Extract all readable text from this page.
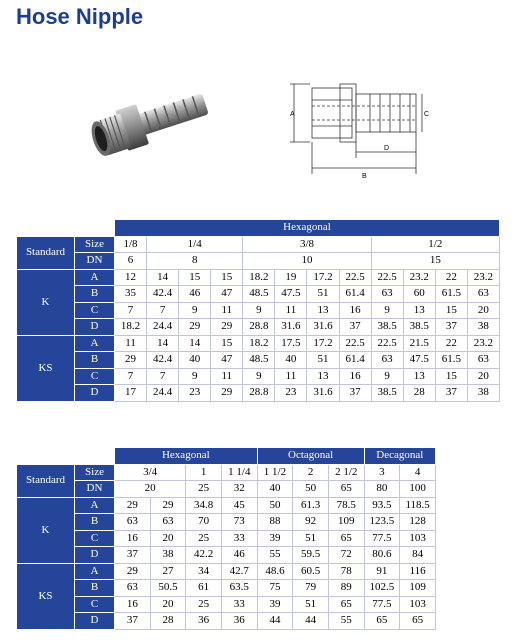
Hose Nipple
A
B
C
D
		Hexagonal											
Standard	Size	1/8	1/4			3/8				1/2			
	DN	6	8			10				15			
K	A	12	14	15	15	18.2	19	17.2	22.5	22.5	23.2	22	23.2
	B	35	42.4	46	47	48.5	47.5	51	61.4	63	60	61.5	63
	C	7	7	9	11	9	11	13	16	9	13	15	20
	D	18.2	24.4	29	29	28.8	31.6	31.6	37	38.5	38.5	37	38
KS	A	11	14	14	15	18.2	17.5	17.2	22.5	22.5	21.5	22	23.2
	B	29	42.4	40	47	48.5	40	51	61.4	63	47.5	61.5	63
	C	7	7	9	11	9	11	13	16	9	13	15	20
	D	17	24.4	23	29	28.8	23	31.6	37	38.5	28	37	38
		Hexagonal				Octagonal			Decagonal	
Standard	Size	3/4		1	1 1/4	1 1/2	2	2 1/2	3	4
	DN	20		25	32	40	50	65	80	100
K	A	29	29	34.8	45	50	61.3	78.5	93.5	118.5
	B	63	63	70	73	88	92	109	123.5	128
	C	16	20	25	33	39	51	65	77.5	103
	D	37	38	42.2	46	55	59.5	72	80.6	84
KS	A	29	27	34	42.7	48.6	60.5	78	91	116
	B	63	50.5	61	63.5	75	79	89	102.5	109
	C	16	20	25	33	39	51	65	77.5	103
	D	37	28	36	36	44	44	55	65	65
